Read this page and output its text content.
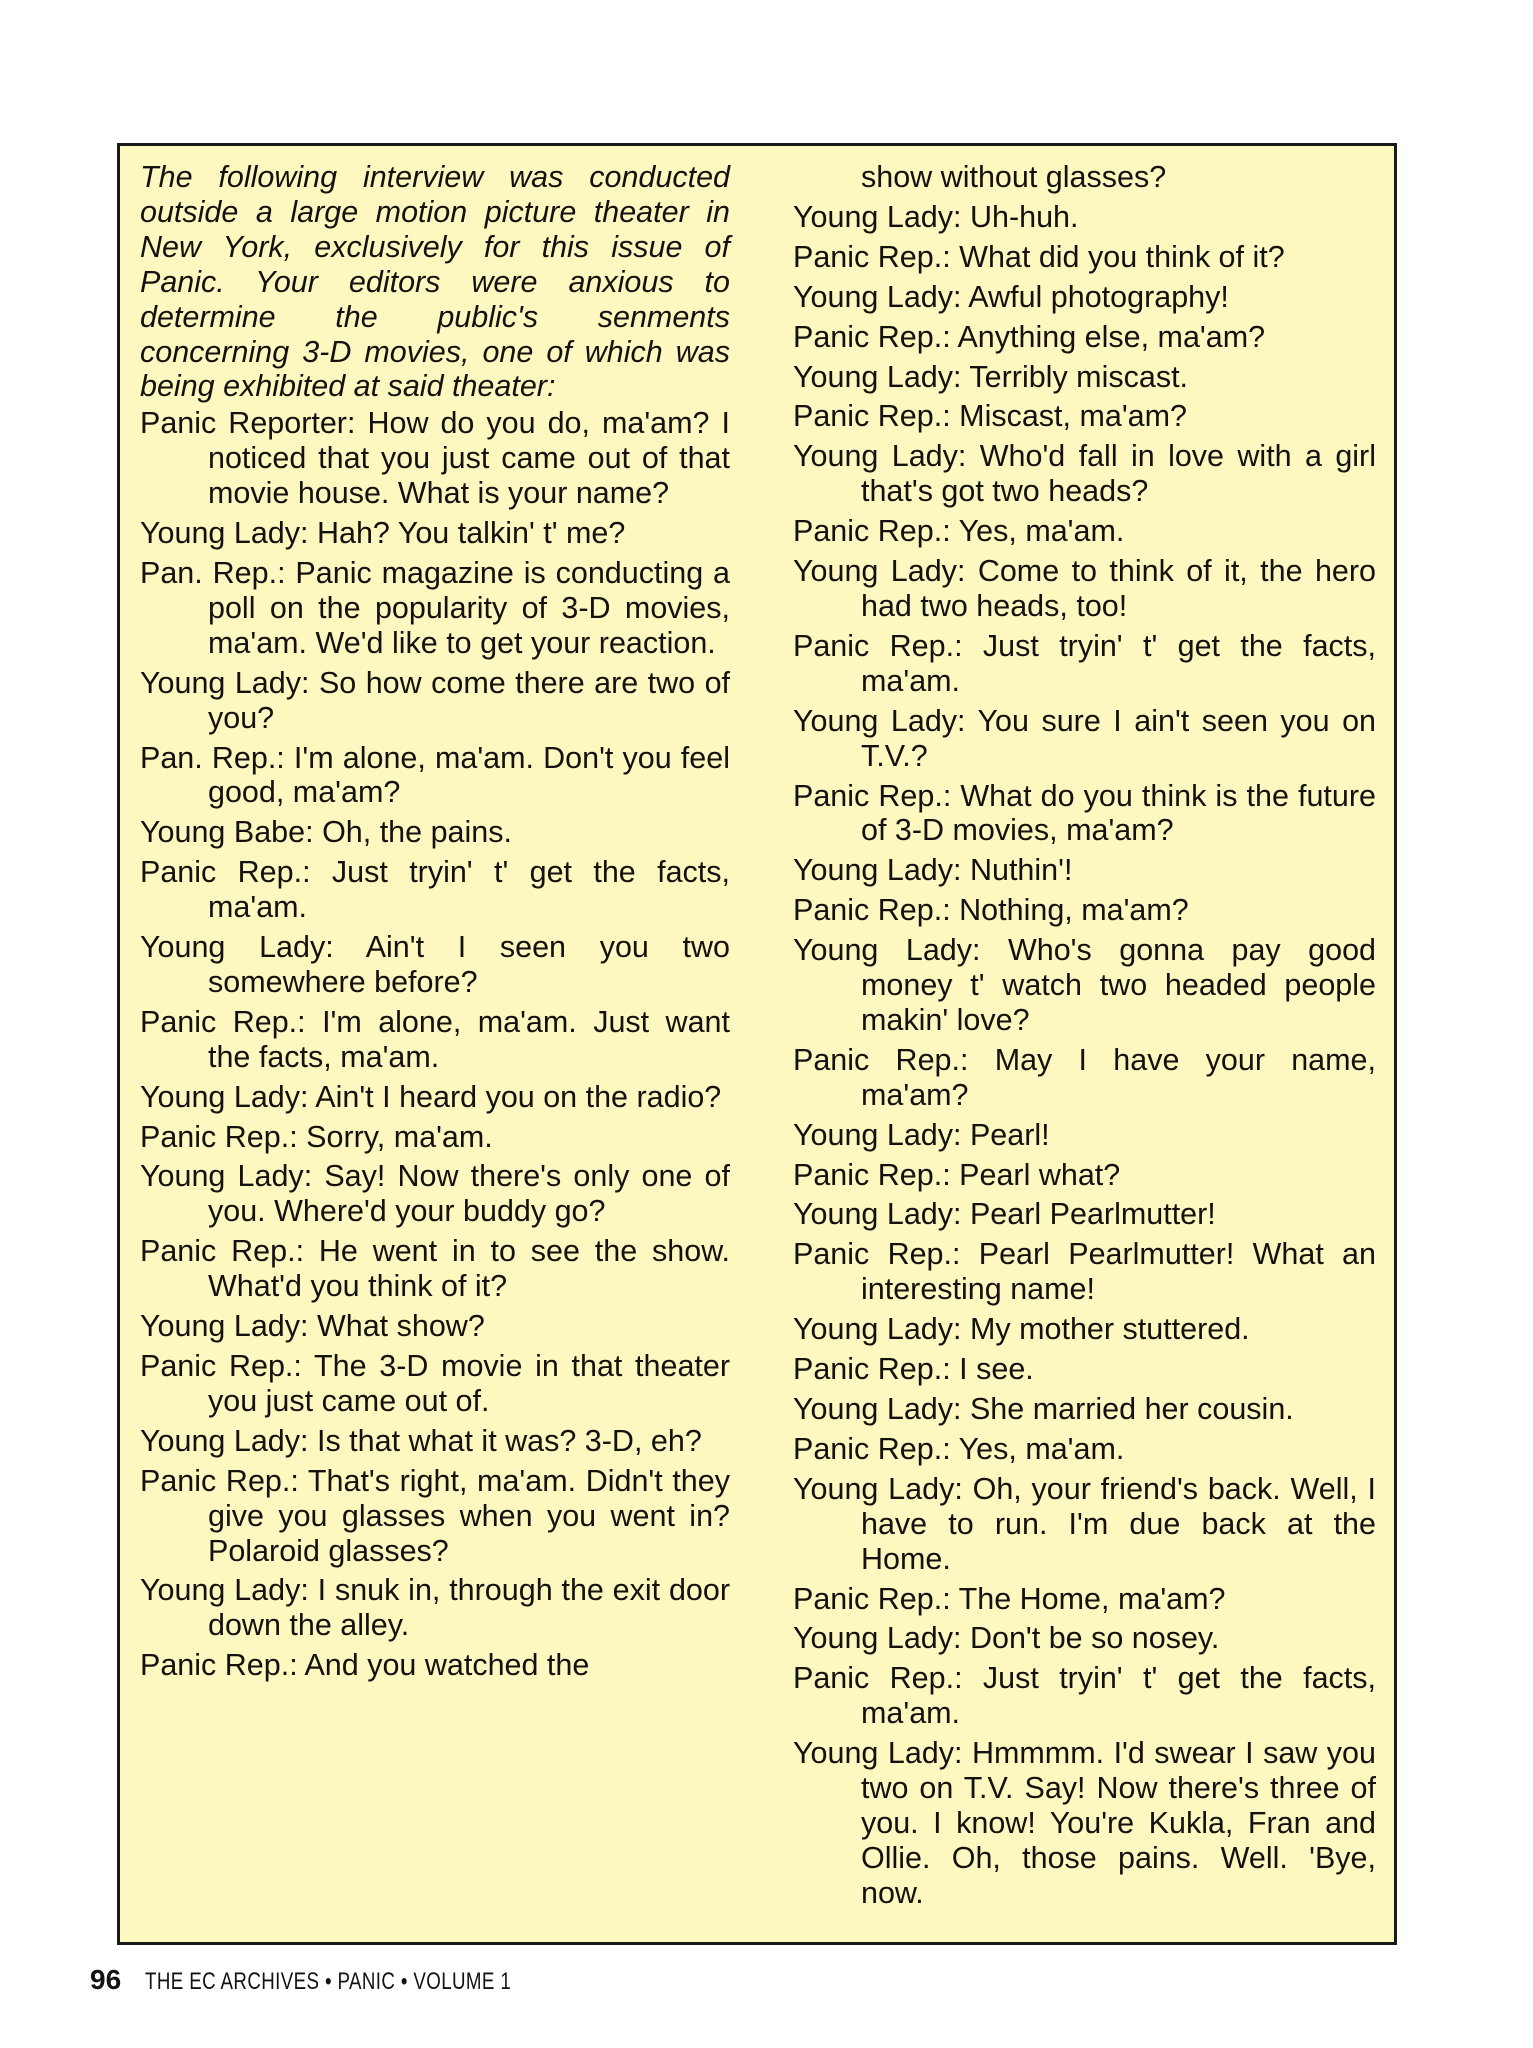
The following interview was conducted outside a large motion picture theater in New York, exclusively for this issue of Panic. Your editors were anxious to determine the public's senments concerning 3-D movies, one of which was being exhibited at said theater:

Panic Reporter: How do you do, ma'am? I noticed that you just came out of that movie house. What is your name?

Young Lady: Hah? You talkin' t' me?

Pan. Rep.: Panic magazine is conducting a poll on the popularity of 3-D movies, ma'am. We'd like to get your reaction.

Young Lady: So how come there are two of you?

Pan. Rep.: I'm alone, ma'am. Don't you feel good, ma'am?

Young Babe: Oh, the pains.

Panic Rep.: Just tryin' t' get the facts, ma'am.

Young Lady: Ain't I seen you two somewhere before?

Panic Rep.: I'm alone, ma'am. Just want the facts, ma'am.

Young Lady: Ain't I heard you on the radio?

Panic Rep.: Sorry, ma'am.

Young Lady: Say! Now there's only one of you. Where'd your buddy go?

Panic Rep.: He went in to see the show. What'd you think of it?

Young Lady: What show?

Panic Rep.: The 3-D movie in that theater you just came out of.

Young Lady: Is that what it was? 3-D, eh?

Panic Rep.: That's right, ma'am. Didn't they give you glasses when you went in? Polaroid glasses?

Young Lady: I snuk in, through the exit door down the alley.

Panic Rep.: And you watched the

show without glasses?

Young Lady: Uh-huh.

Panic Rep.: What did you think of it?

Young Lady: Awful photography!

Panic Rep.: Anything else, ma'am?

Young Lady: Terribly miscast.

Panic Rep.: Miscast, ma'am?

Young Lady: Who'd fall in love with a girl that's got two heads?

Panic Rep.: Yes, ma'am.

Young Lady: Come to think of it, the hero had two heads, too!

Panic Rep.: Just tryin' t' get the facts, ma'am.

Young Lady: You sure I ain't seen you on T.V.?

Panic Rep.: What do you think is the future of 3-D movies, ma'am?

Young Lady: Nuthin'!

Panic Rep.: Nothing, ma'am?

Young Lady: Who's gonna pay good money t' watch two headed people makin' love?

Panic Rep.: May I have your name, ma'am?

Young Lady: Pearl!

Panic Rep.: Pearl what?

Young Lady: Pearl Pearlmutter!

Panic Rep.: Pearl Pearlmutter! What an interesting name!

Young Lady: My mother stuttered.

Panic Rep.: I see.

Young Lady: She married her cousin.

Panic Rep.: Yes, ma'am.

Young Lady: Oh, your friend's back. Well, I have to run. I'm due back at the Home.

Panic Rep.: The Home, ma'am?

Young Lady: Don't be so nosey.

Panic Rep.: Just tryin' t' get the facts, ma'am.

Young Lady: Hmmmm. I'd swear I saw you two on T.V. Say! Now there's three of you. I know! You're Kukla, Fran and Ollie. Oh, those pains. Well. 'Bye, now.

96 THE EC ARCHIVES • PANIC • VOLUME 1
